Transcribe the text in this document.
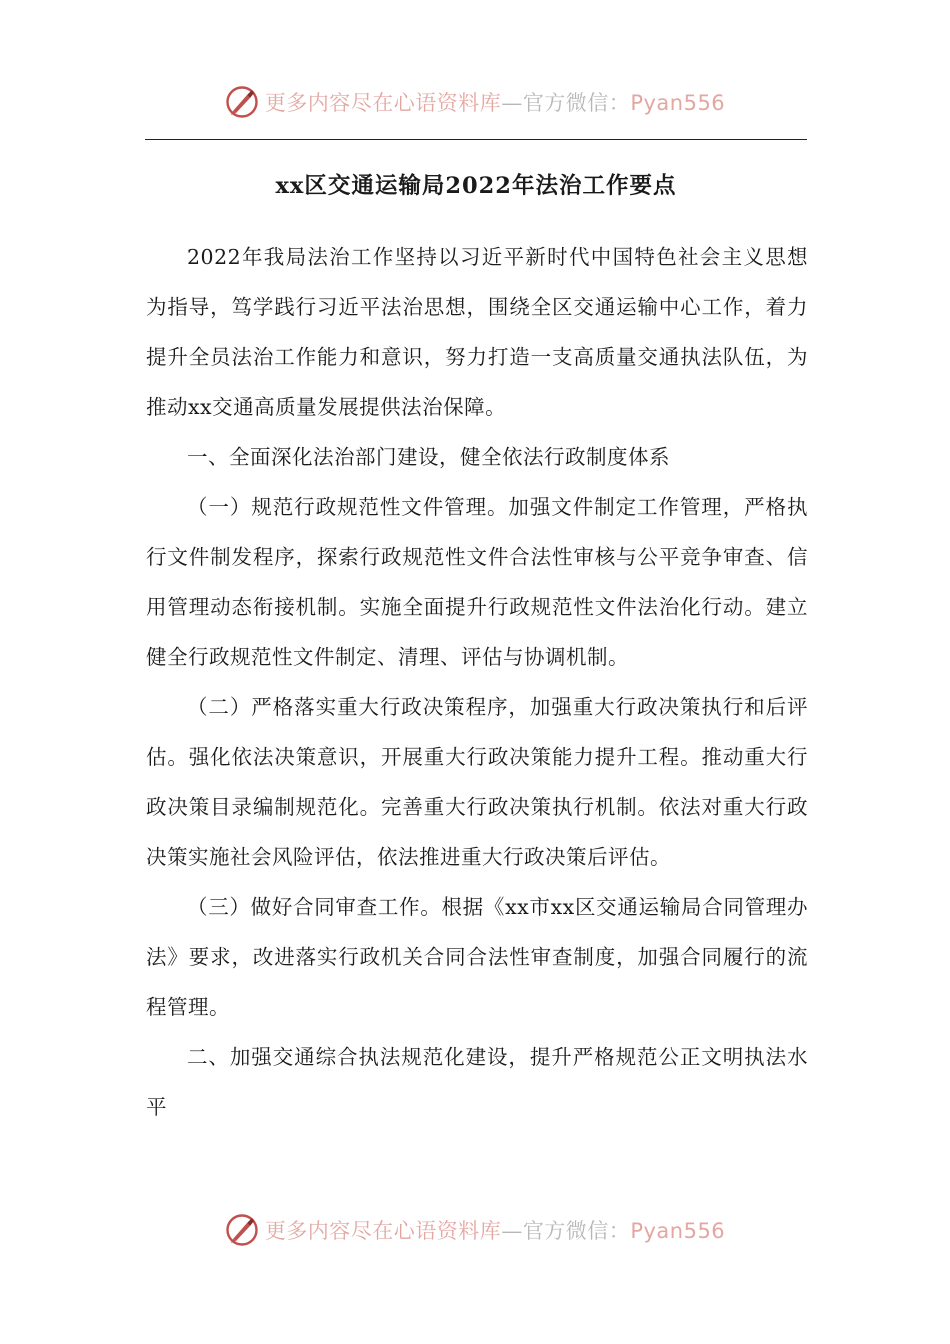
更多内容尽在心语资料库—官方微信：Pyan556
xx区交通运输局2022年法治工作要点

2022年我局法治工作坚持以习近平新时代中国特色社会主义思想为指导，笃学践行习近平法治思想，围绕全区交通运输中心工作，着力提升全员法治工作能力和意识，努力打造一支高质量交通执法队伍，为推动xx交通高质量发展提供法治保障。

一、全面深化法治部门建设，健全依法行政制度体系

（一）规范行政规范性文件管理。加强文件制定工作管理，严格执行文件制发程序，探索行政规范性文件合法性审核与公平竞争审查、信用管理动态衔接机制。实施全面提升行政规范性文件法治化行动。建立健全行政规范性文件制定、清理、评估与协调机制。

（二）严格落实重大行政决策程序，加强重大行政决策执行和后评估。强化依法决策意识，开展重大行政决策能力提升工程。推动重大行政决策目录编制规范化。完善重大行政决策执行机制。依法对重大行政决策实施社会风险评估，依法推进重大行政决策后评估。

（三）做好合同审查工作。根据《xx市xx区交通运输局合同管理办法》要求，改进落实行政机关合同合法性审查制度，加强合同履行的流程管理。

二、加强交通综合执法规范化建设，提升严格规范公正文明执法水平

更多内容尽在心语资料库—官方微信：Pyan556
